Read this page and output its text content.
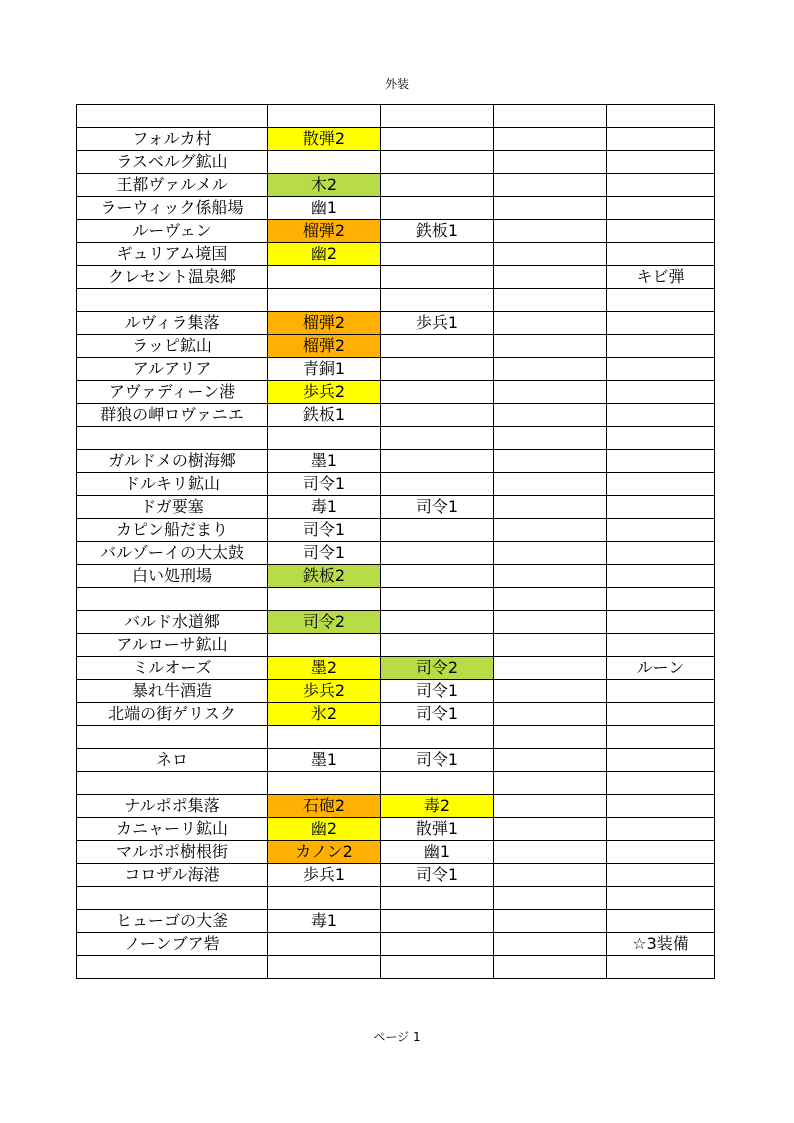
外装

フォルカ村	散弾2			
ラスベルグ鉱山				
王都ヴァルメル	木2			
ラーウィック係船場	幽1			
ルーヴェン	榴弾2	鉄板1		
ギュリアム境国	幽2			
クレセント温泉郷				キビ弾

ルヴィラ集落	榴弾2	歩兵1		
ラッピ鉱山	榴弾2			
アルアリア	青銅1			
アヴァディーン港	歩兵2			
群狼の岬ロヴァニエ	鉄板1			

ガルドメの樹海郷	墨1			
ドルキリ鉱山	司令1			
ドガ要塞	毒1	司令1		
カピン船だまり	司令1			
バルゾーイの大太鼓	司令1			
白い処刑場	鉄板2			

バルド水道郷	司令2			
アルローサ鉱山				
ミルオーズ	墨2	司令2		ルーン
暴れ牛酒造	歩兵2	司令1		
北端の街ゲリスク	氷2	司令1		

ネロ	墨1	司令1		

ナルポポ集落	石砲2	毒2		
カニャーリ鉱山	幽2	散弾1		
マルポポ樹根街	カノン2	幽1		
コロザル海港	歩兵1	司令1		

ヒューゴの大釜	毒1			
ノーンブア砦				☆3装備

ページ 1
